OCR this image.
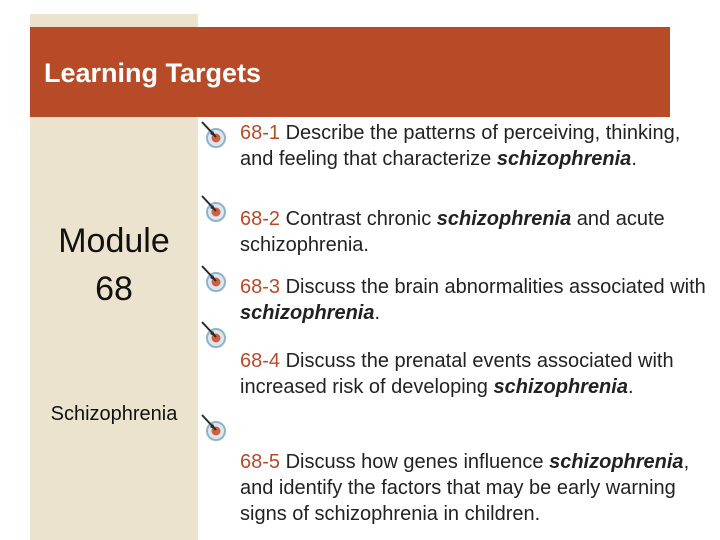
Learning Targets
Module
68
Schizophrenia
68-1 Describe the patterns of perceiving, thinking, and feeling that characterize schizophrenia.
68-2 Contrast chronic schizophrenia and acute schizophrenia.
68-3 Discuss the brain abnormalities associated with schizophrenia.
68-4 Discuss the prenatal events associated with increased risk of developing schizophrenia.
68-5 Discuss how genes influence schizophrenia, and identify the factors that may be early warning signs of schizophrenia in children.
